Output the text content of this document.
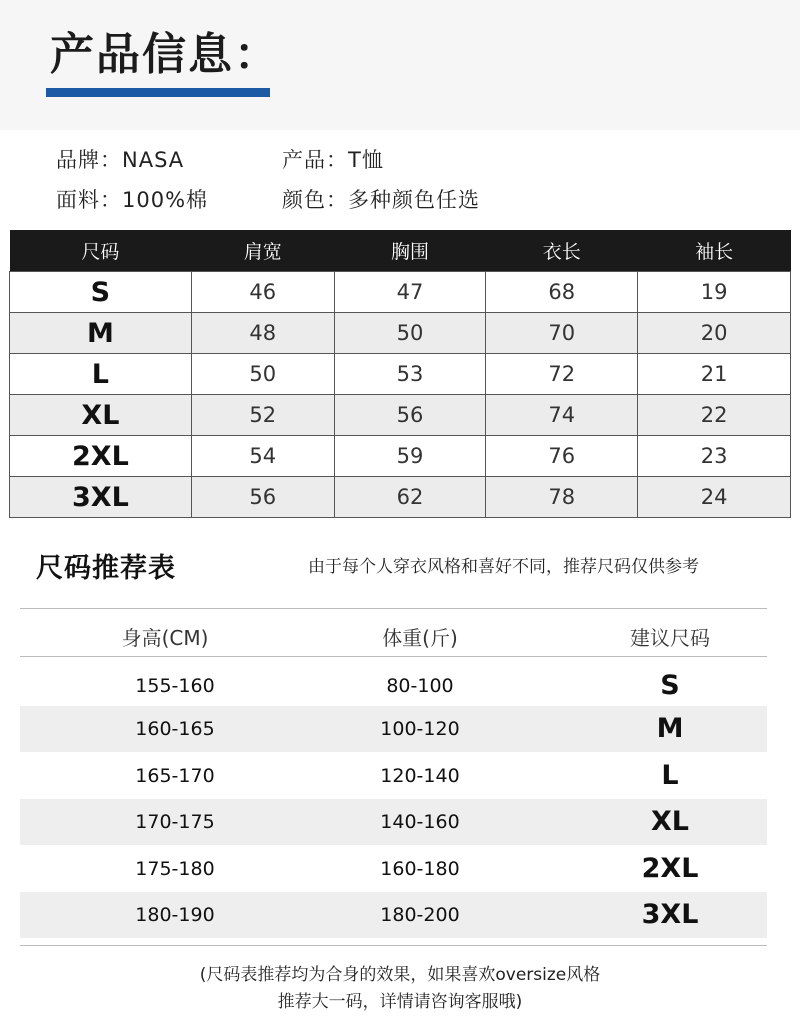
产品信息：
品牌：NASA	产品：T恤
面料：100%棉	颜色：多种颜色任选
尺码	肩宽	胸围	衣长	袖长
S	46	47	68	19
M	48	50	70	20
L	50	53	72	21
XL	52	56	74	22
2XL	54	59	76	23
3XL	56	62	78	24
尺码推荐表	由于每个人穿衣风格和喜好不同，推荐尺码仅供参考
身高(CM)	体重(斤)	建议尺码
155-160	80-100	S
160-165	100-120	M
165-170	120-140	L
170-175	140-160	XL
175-180	160-180	2XL
180-190	180-200	3XL
(尺码表推荐均为合身的效果，如果喜欢oversize风格
推荐大一码，详情请咨询客服哦)
